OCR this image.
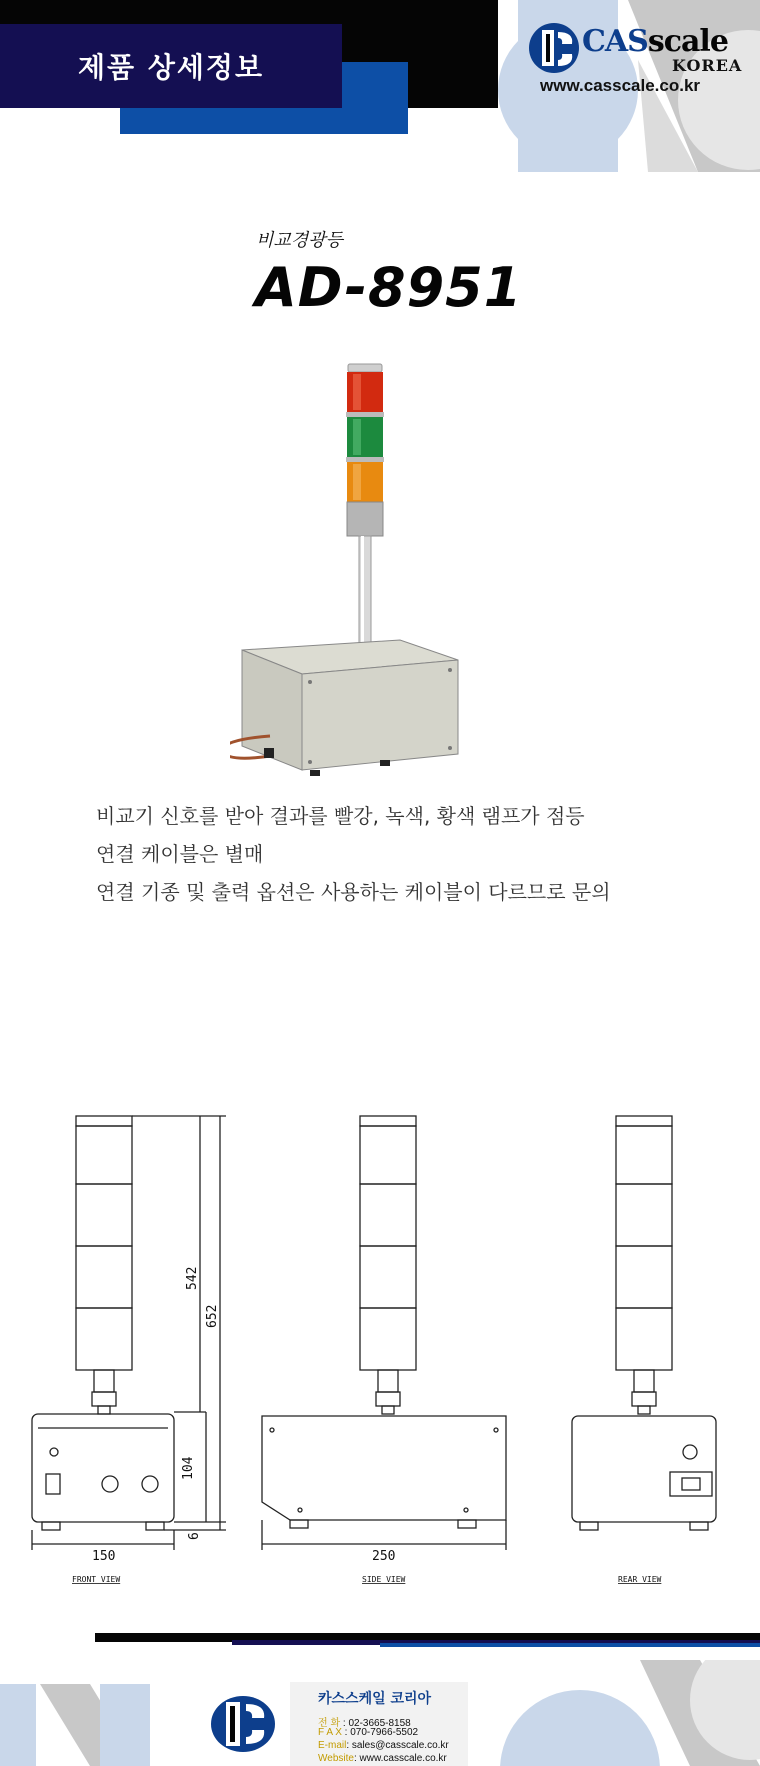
제품 상세정보
CASscale
KOREA
www.casscale.co.kr
비교경광등
AD-8951
비교기 신호를 받아 결과를 빨강, 녹색, 황색 램프가 점등
연결 케이블은 별매
연결 기종 및 출력 옵션은 사용하는 케이블이 다르므로 문의
542
652
104
6
150	250
FRONT VIEW	SIDE VIEW	REAR VIEW
카스스케일 코리아
전 화 : 02-3665-8158
F A X : 070-7966-5502
E-mail: sales@casscale.co.kr
Website: www.casscale.co.kr
